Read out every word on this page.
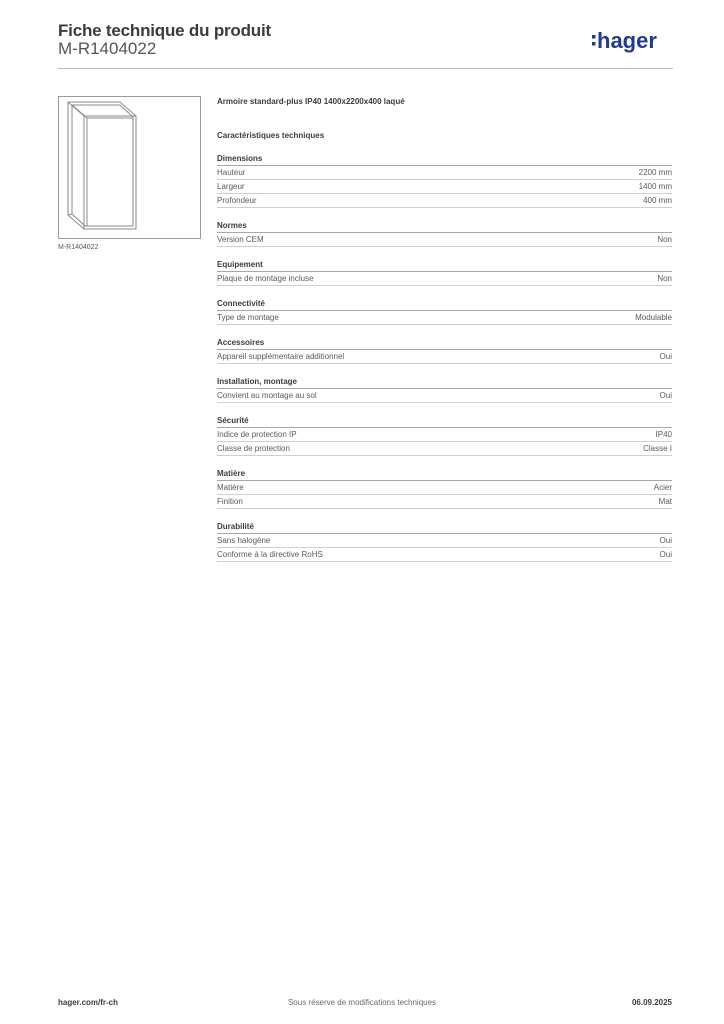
Fiche technique du produit
M-R1404022	hager
M-R1404022
Armoire standard-plus IP40 1400x2200x400 laqué
Caractéristiques techniques
Dimensions
Hauteur	2200 mm
Largeur	1400 mm
Profondeur	400 mm
Normes
Version CEM	Non
Equipement
Plaque de montage incluse	Non
Connectivité
Type de montage	Modulable
Accessoires
Appareil supplémentaire additionnel	Oui
Installation, montage
Convient au montage au sol	Oui
Sécurité
Indice de protection IP	IP40
Classe de protection	Classe I
Matière
Matière	Acier
Finition	Mat
Durabilité
Sans halogène	Oui
Conforme à la directive RoHS	Oui
Sous réserve de modifications techniques
hager.com/fr-ch	06.09.2025
